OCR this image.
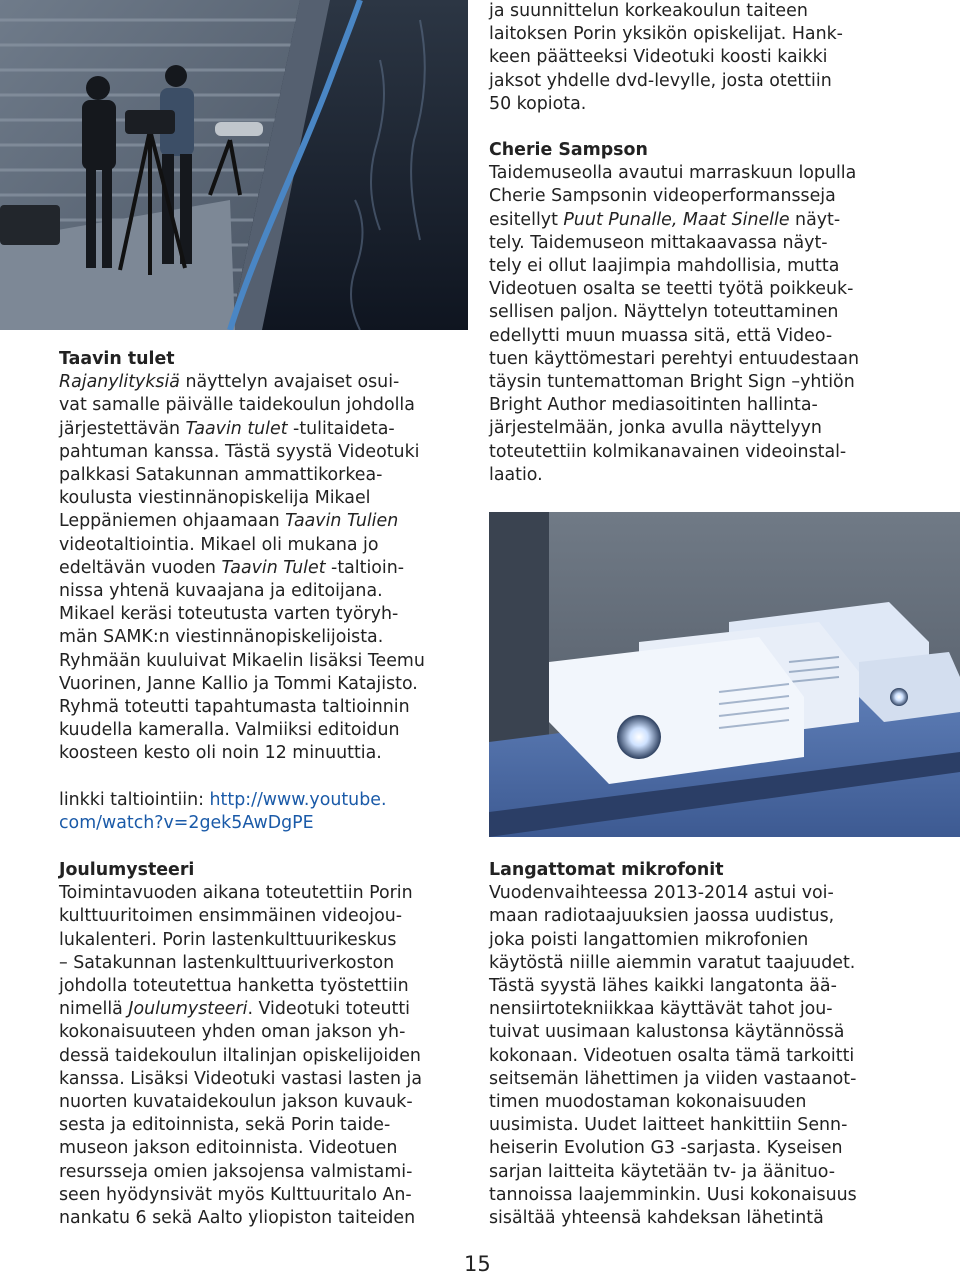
ja suunnittelun korkeakoulun taiteen
laitoksen Porin yksikön opiskelijat. Hank-
keen päätteeksi Videotuki koosti kaikki
jaksot yhdelle dvd-levylle, josta otettiin
50 kopiota.
Cherie Sampson
Taidemuseolla avautui marraskuun lopulla
Cherie Sampsonin videoperformansseja
esitellyt Puut Punalle, Maat Sinelle näyt-
tely. Taidemuseon mittakaavassa näyt-
tely ei ollut laajimpia mahdollisia, mutta
Videotuen osalta se teetti työtä poikkeuk-
sellisen paljon. Näyttelyn toteuttaminen
edellytti muun muassa sitä, että Video-
tuen käyttömestari perehtyi entuudestaan
täysin tuntemattoman Bright Sign –yhtiön
Bright Author mediasoitinten hallinta-
järjestelmään, jonka avulla näyttelyyn
toteutettiin kolmikanavainen videoinstal-
laatio.
Taavin tulet
Rajanylityksiä näyttelyn avajaiset osui-
vat samalle päivälle taidekoulun johdolla
järjestettävän Taavin tulet -tulitaideta-
pahtuman kanssa. Tästä syystä Videotuki
palkkasi Satakunnan ammattikorkea-
koulusta viestinnänopiskelija Mikael
Leppäniemen ohjaamaan Taavin Tulien
videotaltiointia. Mikael oli mukana jo
edeltävän vuoden Taavin Tulet -taltioin-
nissa yhtenä kuvaajana ja editoijana.
Mikael keräsi toteutusta varten työryh-
män SAMK:n viestinnänopiskelijoista.
Ryhmään kuuluivat Mikaelin lisäksi Teemu
Vuorinen, Janne Kallio ja Tommi Katajisto.
Ryhmä toteutti tapahtumasta taltioinnin
kuudella kameralla. Valmiiksi editoidun
koosteen kesto oli noin 12 minuuttia.
linkki taltiointiin: http://www.youtube.
com/watch?v=2gek5AwDgPE
Joulumysteeri
Toimintavuoden aikana toteutettiin Porin
kulttuuritoimen ensimmäinen videojou-
lukalenteri. Porin lastenkulttuurikeskus
– Satakunnan lastenkulttuuriverkoston
johdolla toteutettua hanketta työstettiin
nimellä Joulumysteeri. Videotuki toteutti
kokonaisuuteen yhden oman jakson yh-
dessä taidekoulun iltalinjan opiskelijoiden
kanssa. Lisäksi Videotuki vastasi lasten ja
nuorten kuvataidekoulun jakson kuvauk-
sesta ja editoinnista, sekä Porin taide-
museon jakson editoinnista. Videotuen
resursseja omien jaksojensa valmistami-
seen hyödynsivät myös Kulttuuritalo An-
nankatu 6 sekä Aalto yliopiston taiteiden
Langattomat mikrofonit
Vuodenvaihteessa 2013-2014 astui voi-
maan radiotaajuuksien jaossa uudistus,
joka poisti langattomien mikrofonien
käytöstä niille aiemmin varatut taajuudet.
Tästä syystä lähes kaikki langatonta ää-
nensiirtotekniikkaa käyttävät tahot jou-
tuivat uusimaan kalustonsa käytännössä
kokonaan. Videotuen osalta tämä tarkoitti
seitsemän lähettimen ja viiden vastaanot-
timen muodostaman kokonaisuuden
uusimista. Uudet laitteet hankittiin Senn-
heiserin Evolution G3 -sarjasta. Kyseisen
sarjan laitteita käytetään tv- ja äänituo-
tannoissa laajemminkin. Uusi kokonaisuus
sisältää yhteensä kahdeksan lähetintä
15
